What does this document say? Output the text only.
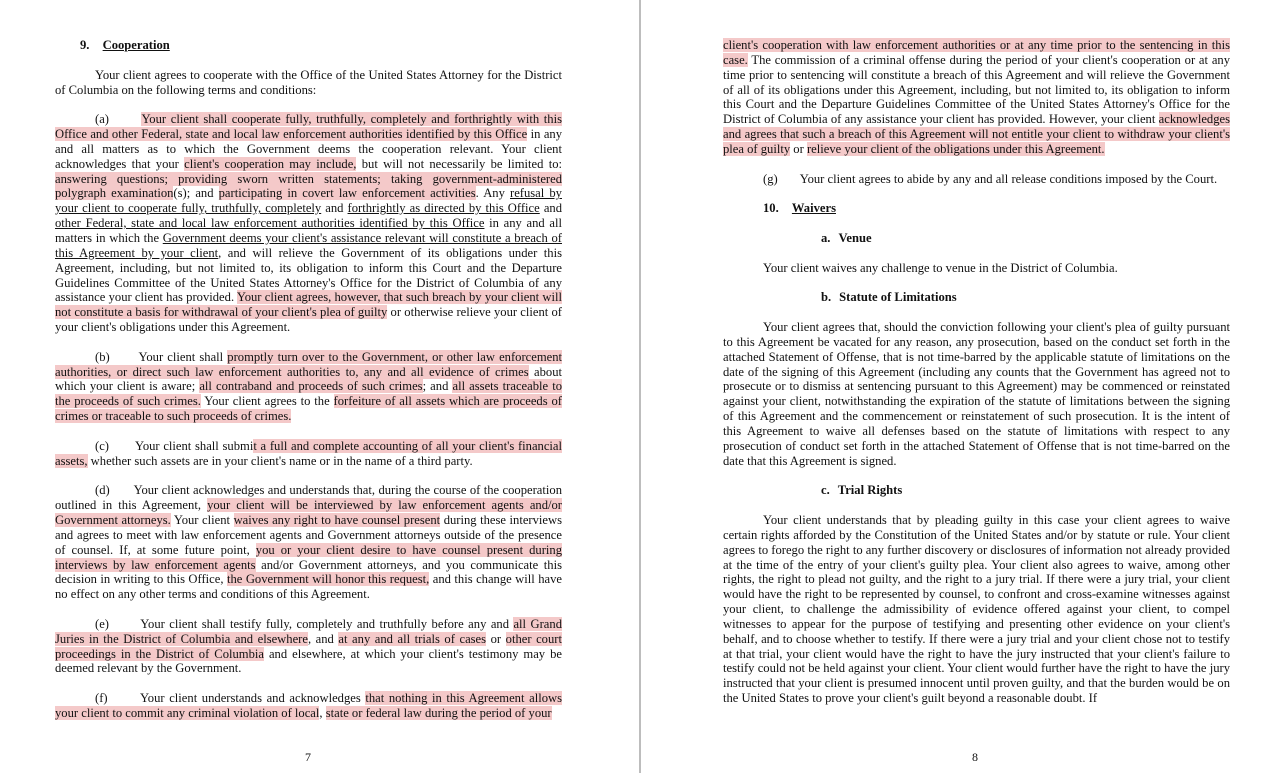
9. Cooperation

Your client agrees to cooperate with the Office of the United States Attorney for the District of Columbia on the following terms and conditions:

(a)	Your client shall cooperate fully, truthfully, completely and forthrightly with this Office and other Federal, state and local law enforcement authorities identified by this Office in any and all matters as to which the Government deems the cooperation relevant. Your client acknowledges that your client's cooperation may include, but will not necessarily be limited to: answering questions; providing sworn written statements; taking government-administered polygraph examination(s); and participating in covert law enforcement activities. Any refusal by your client to cooperate fully, truthfully, completely and forthrightly as directed by this Office and other Federal, state and local law enforcement authorities identified by this Office in any and all matters in which the Government deems your client's assistance relevant will constitute a breach of this Agreement by your client, and will relieve the Government of its obligations under this Agreement, including, but not limited to, its obligation to inform this Court and the Departure Guidelines Committee of the United States Attorney's Office for the District of Columbia of any assistance your client has provided. Your client agrees, however, that such breach by your client will not constitute a basis for withdrawal of your client's plea of guilty or otherwise relieve your client of your client's obligations under this Agreement.

(b) Your client shall promptly turn over to the Government, or other law enforcement authorities, or direct such law enforcement authorities to, any and all evidence of crimes about which your client is aware; all contraband and proceeds of such crimes; and all assets traceable to the proceeds of such crimes. Your client agrees to the forfeiture of all assets which are proceeds of crimes or traceable to such proceeds of crimes.

(c) Your client shall submit a full and complete accounting of all your client's financial assets, whether such assets are in your client's name or in the name of a third party.

(d) Your client acknowledges and understands that, during the course of the cooperation outlined in this Agreement, your client will be interviewed by law enforcement agents and/or Government attorneys. Your client waives any right to have counsel present during these interviews and agrees to meet with law enforcement agents and Government attorneys outside of the presence of counsel. If, at some future point, you or your client desire to have counsel present during interviews by law enforcement agents and/or Government attorneys, and you communicate this decision in writing to this Office, the Government will honor this request, and this change will have no effect on any other terms and conditions of this Agreement.

(e) Your client shall testify fully, completely and truthfully before any and all Grand Juries in the District of Columbia and elsewhere, and at any and all trials of cases or other court proceedings in the District of Columbia and elsewhere, at which your client's testimony may be deemed relevant by the Government.

(f)	Your client understands and acknowledges that nothing in this Agreement allows your client to commit any criminal violation of local, state or federal law during the period of your

7

client's cooperation with law enforcement authorities or at any time prior to the sentencing in this case. The commission of a criminal offense during the period of your client's cooperation or at any time prior to sentencing will constitute a breach of this Agreement and will relieve the Government of all of its obligations under this Agreement, including, but not limited to, its obligation to inform this Court and the Departure Guidelines Committee of the United States Attorney's Office for the District of Columbia of any assistance your client has provided. However, your client acknowledges and agrees that such a breach of this Agreement will not entitle your client to withdraw your client's plea of guilty or relieve your client of the obligations under this Agreement.

(g) Your client agrees to abide by any and all release conditions imposed by the Court.

10. Waivers
a. Venue

Your client waives any challenge to venue in the District of Columbia.

b. Statute of Limitations

Your client agrees that, should the conviction following your client's plea of guilty pursuant to this Agreement be vacated for any reason, any prosecution, based on the conduct set forth in the attached Statement of Offense, that is not time-barred by the applicable statute of limitations on the date of the signing of this Agreement (including any counts that the Government has agreed not to prosecute or to dismiss at sentencing pursuant to this Agreement) may be commenced or reinstated against your client, notwithstanding the expiration of the statute of limitations between the signing of this Agreement and the commencement or reinstatement of such prosecution. It is the intent of this Agreement to waive all defenses based on the statute of limitations with respect to any prosecution of conduct set forth in the attached Statement of Offense that is not time-barred on the date that this Agreement is signed.

c. Trial Rights

Your client understands that by pleading guilty in this case your client agrees to waive certain rights afforded by the Constitution of the United States and/or by statute or rule. Your client agrees to forego the right to any further discovery or disclosures of information not already provided at the time of the entry of your client's guilty plea. Your client also agrees to waive, among other rights, the right to plead not guilty, and the right to a jury trial. If there were a jury trial, your client would have the right to be represented by counsel, to confront and cross-examine witnesses against your client, to challenge the admissibility of evidence offered against your client, to compel witnesses to appear for the purpose of testifying and presenting other evidence on your client's behalf, and to choose whether to testify. If there were a jury trial and your client chose not to testify at that trial, your client would have the right to have the jury instructed that your client's failure to testify could not be held against your client. Your client would further have the right to have the jury instructed that your client is presumed innocent until proven guilty, and that the burden would be on the United States to prove your client's guilt beyond a reasonable doubt. If

8
